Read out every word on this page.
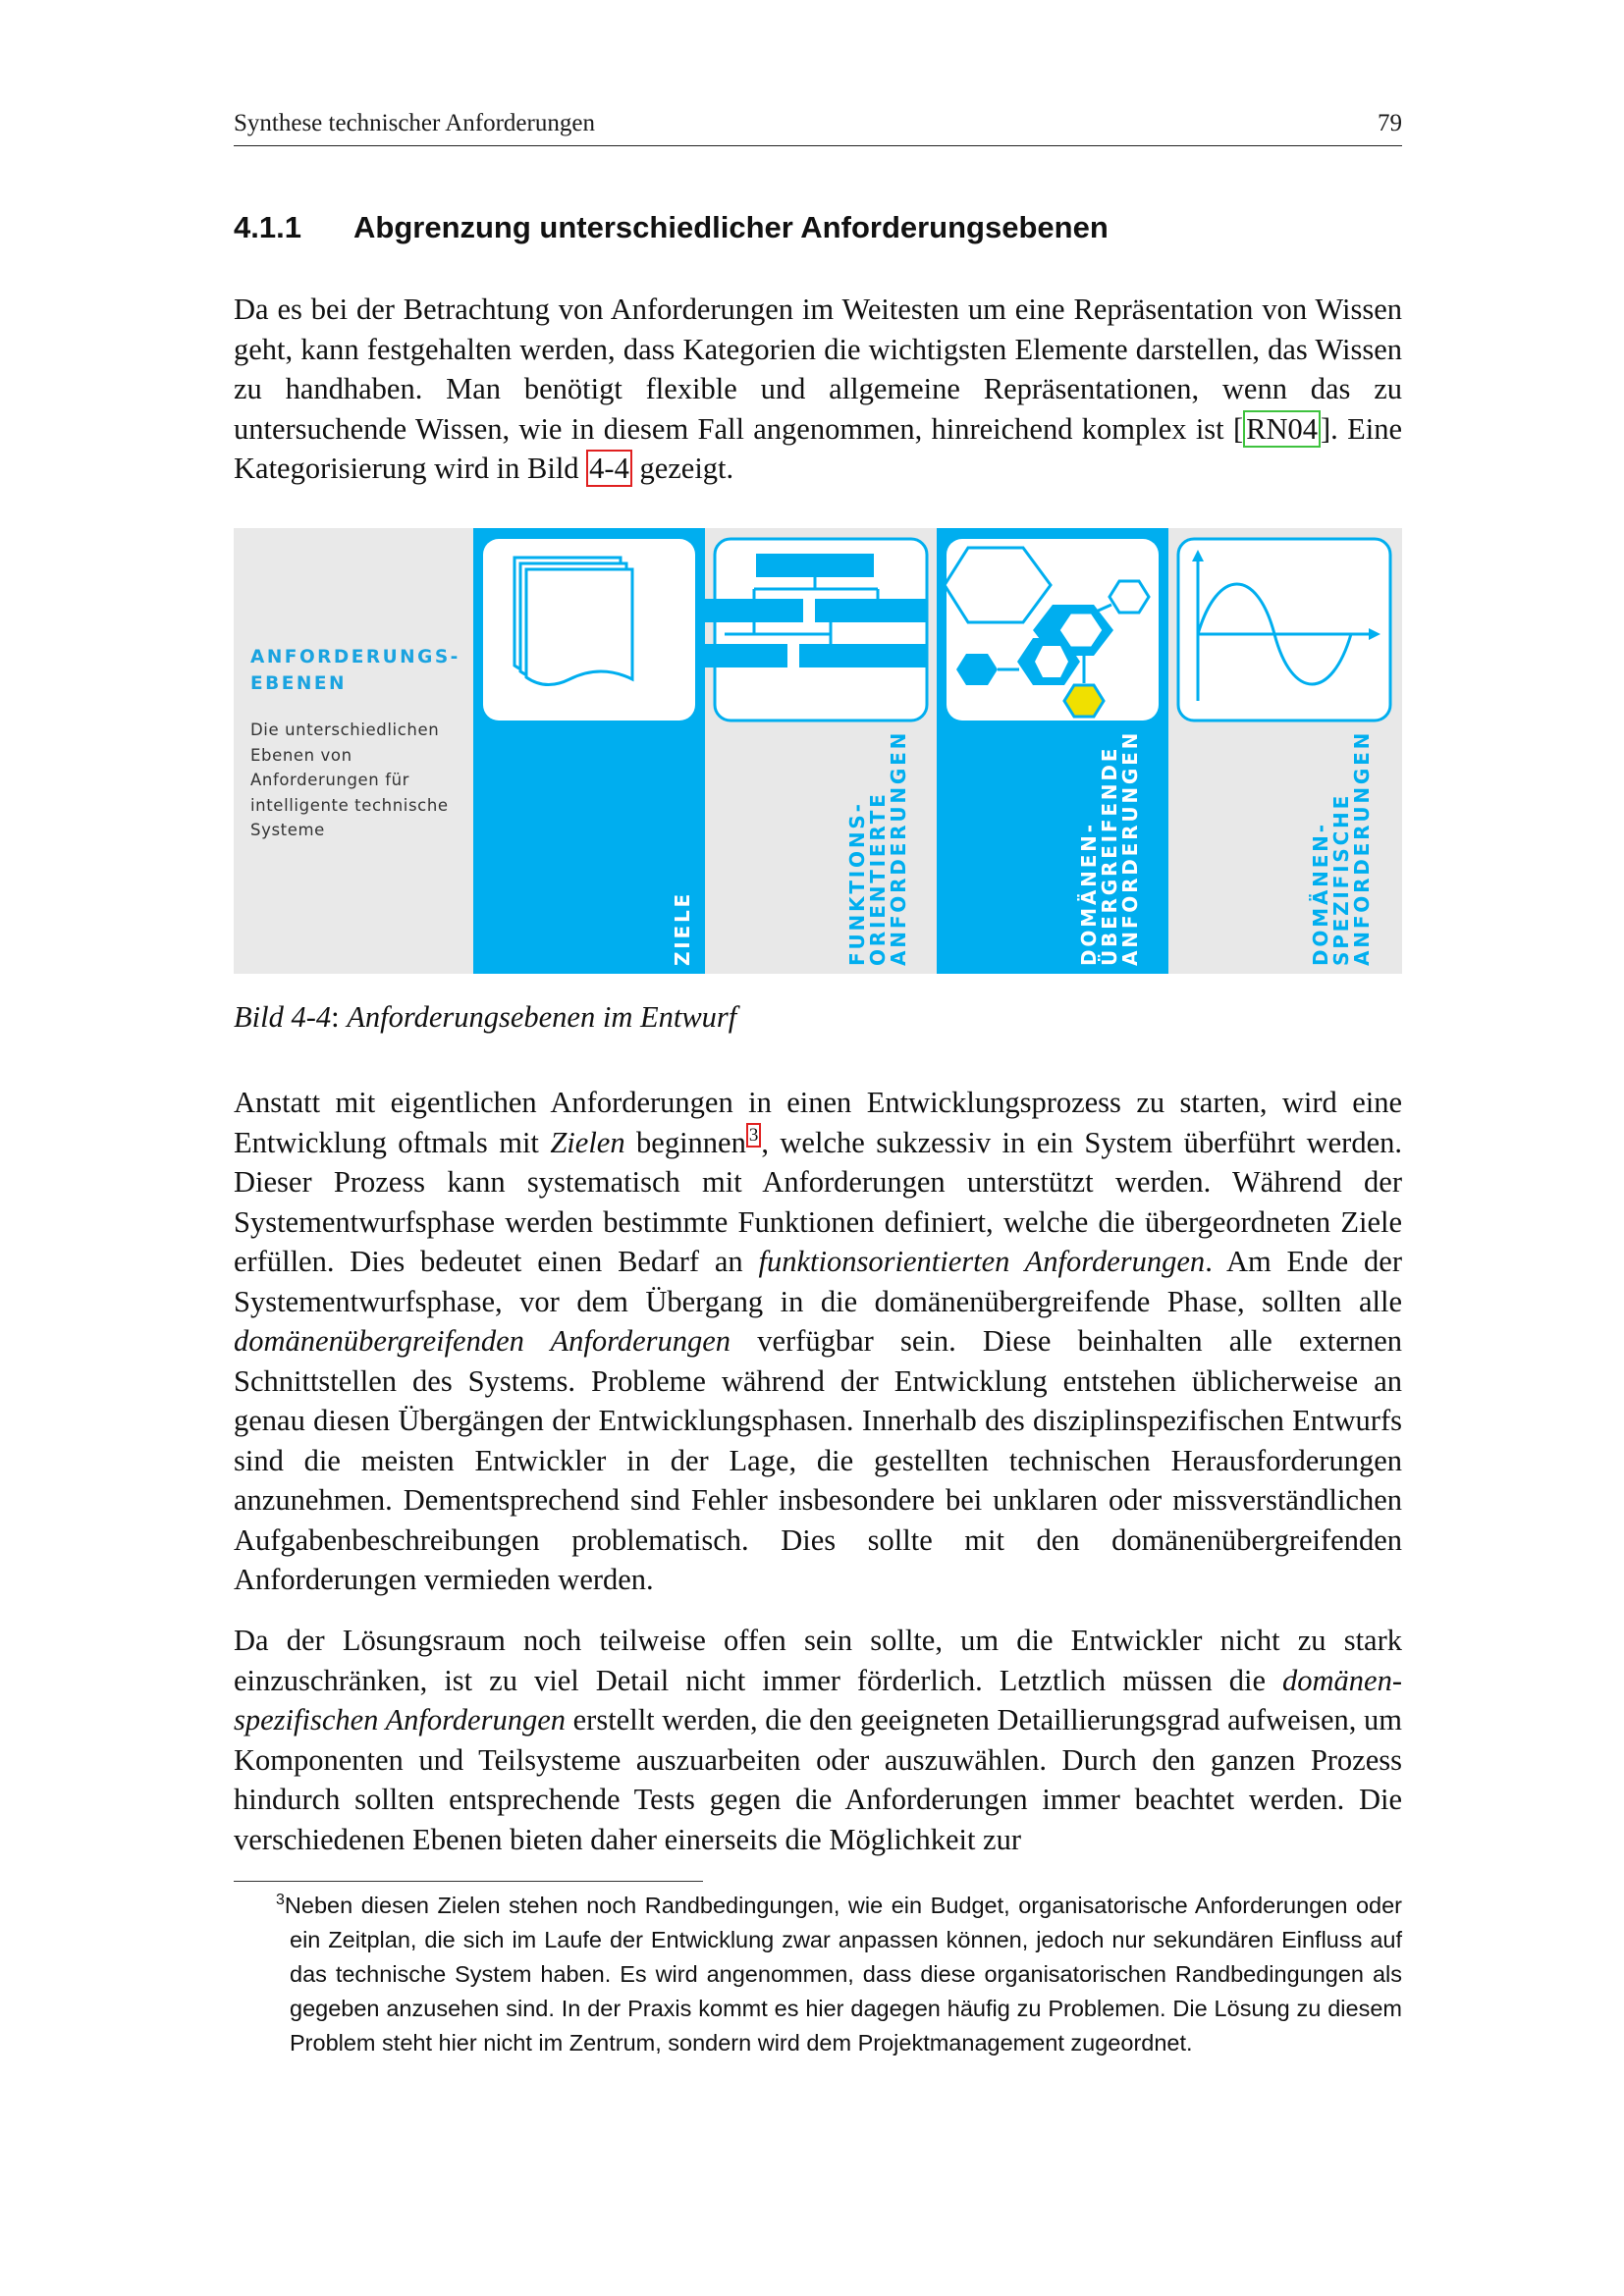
Synthese technischer Anforderungen	79
4.1.1 Abgrenzung unterschiedlicher Anforderungsebenen

Da es bei der Betrachtung von Anforderungen im Weitesten um eine Repräsentation von Wissen geht, kann festgehalten werden, dass Kategorien die wichtigsten Elemente darstellen, das Wissen zu handhaben. Man benötigt flexible und allgemeine Repräsentationen, wenn das zu untersuchende Wissen, wie in diesem Fall angenommen, hinreichend komplex ist [RN04]. Eine Kategorisierung wird in Bild 4-4 gezeigt.

ANFORDERUNGS-
EBENEN
Die unterschiedlichen Ebenen von Anforderungen für intelligente technische Systeme
ZIELE	FUNKTIONS-
ORIENTIERTE
ANFORDERUNGEN	DOMÄNEN-
ÜBERGREIFENDE
ANFORDERUNGEN	DOMÄNEN-
SPEZIFISCHE
ANFORDERUNGEN
Bild 4-4: Anforderungsebenen im Entwurf

Anstatt mit eigentlichen Anforderungen in einen Entwicklungsprozess zu starten, wird eine Entwicklung oftmals mit Zielen beginnen $^3$, welche sukzessiv in ein System überführt werden. Dieser Prozess kann systematisch mit Anforderungen unterstützt werden. Während der Systementwurfsphase werden bestimmte Funktionen definiert, welche die übergeordneten Ziele erfüllen. Dies bedeutet einen Bedarf an funktionsorientierten Anforderungen. Am Ende der Systementwurfsphase, vor dem Übergang in die domänenübergreifende Phase, sollten alle domänenübergreifenden Anforderungen verfügbar sein. Diese beinhalten alle externen Schnittstellen des Systems. Probleme während der Entwicklung entstehen üblicherweise an genau diesen Übergängen der Entwicklungsphasen. Innerhalb des disziplinspezifischen Entwurfs sind die meisten Entwickler in der Lage, die gestellten technischen Herausforderungen anzunehmen. Dementsprechend sind Fehler insbesondere bei unklaren oder missverständlichen Aufgabenbeschreibungen problematisch. Dies sollte mit den domänenübergreifenden Anforderungen vermieden werden.

Da der Lösungsraum noch teilweise offen sein sollte, um die Entwickler nicht zu stark einzuschränken, ist zu viel Detail nicht immer förderlich. Letztlich müssen die domänenspezifischen Anforderungen erstellt werden, die den geeigneten Detaillierungsgrad aufweisen, um Komponenten und Teilsysteme auszuarbeiten oder auszuwählen. Durch den ganzen Prozess hindurch sollten entsprechende Tests gegen die Anforderungen immer beachtet werden. Die verschiedenen Ebenen bieten daher einerseits die Möglichkeit zur

$^3$Neben diesen Zielen stehen noch Randbedingungen, wie ein Budget, organisatorische Anforderungen oder ein Zeitplan, die sich im Laufe der Entwicklung zwar anpassen können, jedoch nur sekundären Einfluss auf das technische System haben. Es wird angenommen, dass diese organisatorischen Randbedingungen als gegeben anzusehen sind. In der Praxis kommt es hier dagegen häufig zu Problemen. Die Lösung zu diesem Problem steht hier nicht im Zentrum, sondern wird dem Projektmanagement zugeordnet.
